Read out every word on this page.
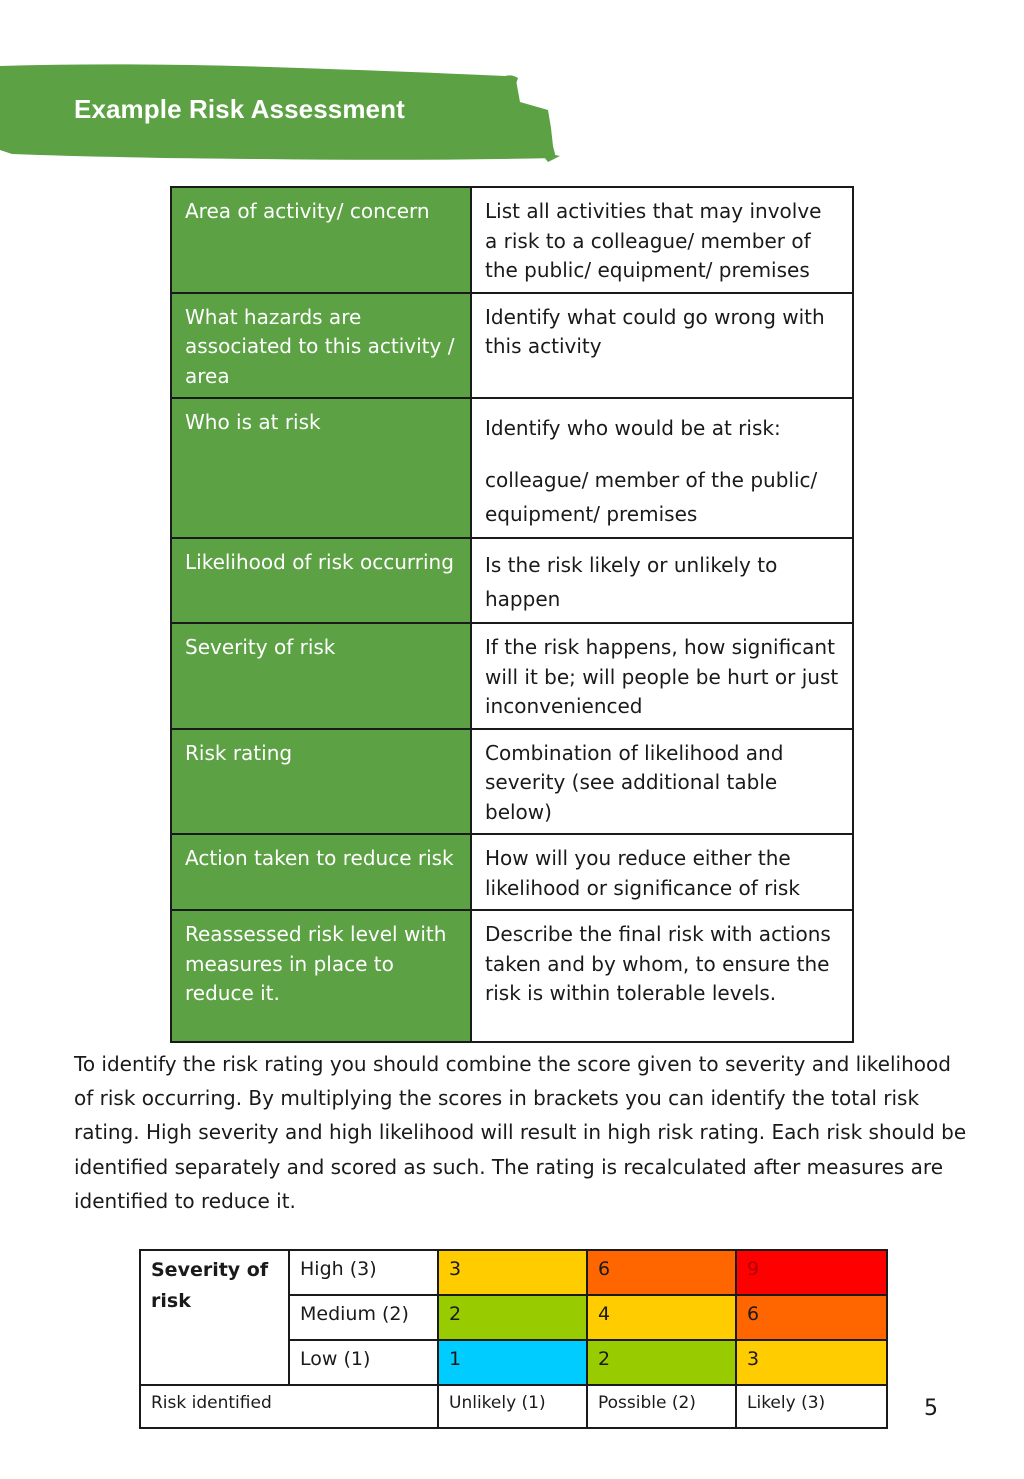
Example Risk Assessment
Area of activity/ concern	List all activities that may involve a risk to a colleague/ member of the public/ equipment/ premises

What hazards are associated to this activity / area	Identify what could go wrong with this activity

Who is at risk	Identify who would be at risk:
colleague/ member of the public/ equipment/ premises

Likelihood of risk occurring	Is the risk likely or unlikely to happen

Severity of risk	If the risk happens, how significant will it be; will people be hurt or just inconvenienced

Risk rating	Combination of likelihood and severity (see additional table below)

Action taken to reduce risk	How will you reduce either the likelihood or significance of risk

Reassessed risk level with measures in place to reduce it.	Describe the final risk with actions taken and by whom, to ensure the risk is within tolerable levels.

To identify the risk rating you should combine the score given to severity and likelihood of risk occurring. By multiplying the scores in brackets you can identify the total risk rating. High severity and high likelihood will result in high risk rating. Each risk should be identified separately and scored as such. The rating is recalculated after measures are identified to reduce it.

Severity of risk	High (3)	3	6	9
	Medium (2)	2	4	6
	Low (1)	1	2	3
Risk identified		Unlikely (1)	Possible (2)	Likely (3)	5
